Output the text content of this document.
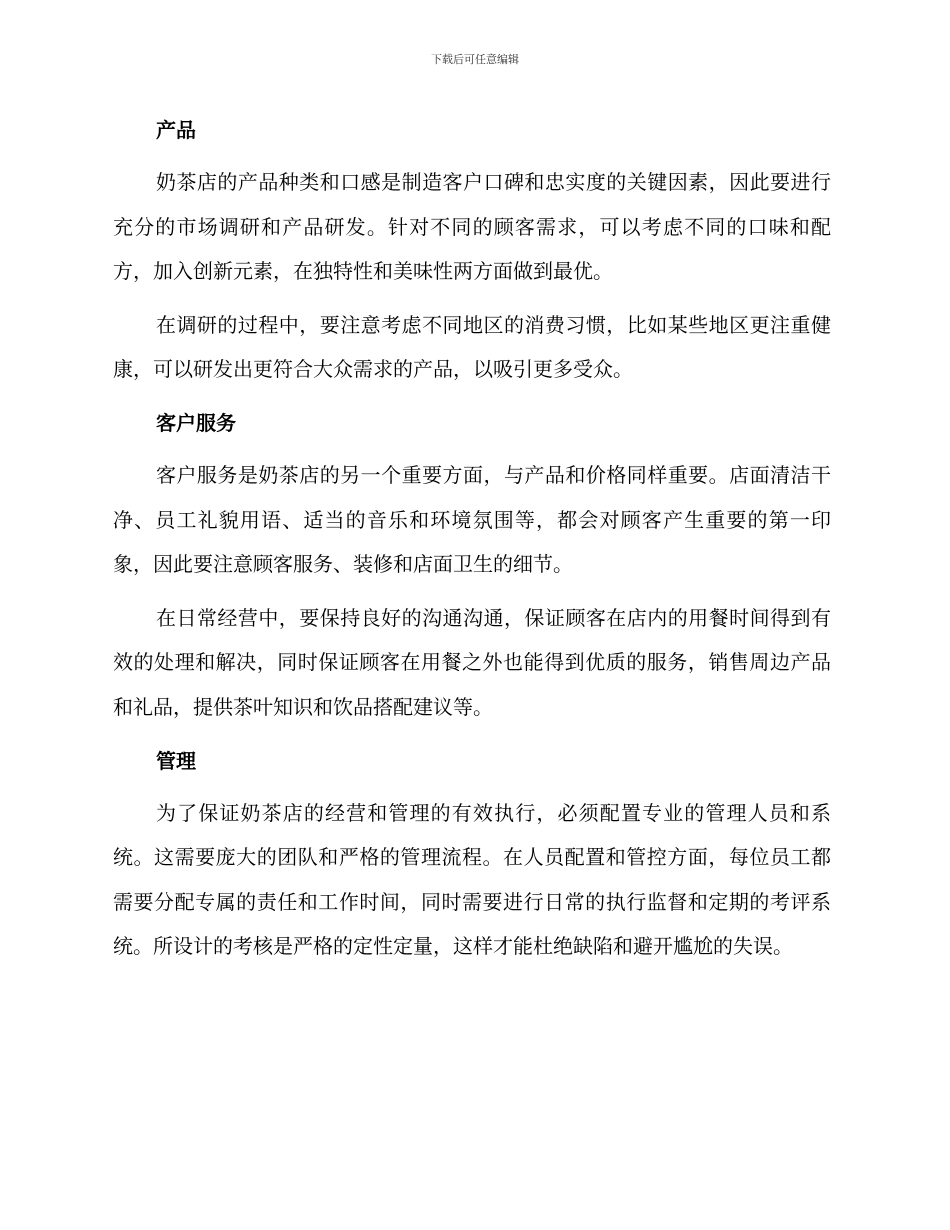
下载后可任意编辑
产品

奶茶店的产品种类和口感是制造客户口碑和忠实度的关键因素，因此要进行充分的市场调研和产品研发。针对不同的顾客需求，可以考虑不同的口味和配方，加入创新元素，在独特性和美味性两方面做到最优。

在调研的过程中，要注意考虑不同地区的消费习惯，比如某些地区更注重健康，可以研发出更符合大众需求的产品，以吸引更多受众。

客户服务

客户服务是奶茶店的另一个重要方面，与产品和价格同样重要。店面清洁干净、员工礼貌用语、适当的音乐和环境氛围等，都会对顾客产生重要的第一印象，因此要注意顾客服务、装修和店面卫生的细节。

在日常经营中，要保持良好的沟通沟通，保证顾客在店内的用餐时间得到有效的处理和解决，同时保证顾客在用餐之外也能得到优质的服务，销售周边产品和礼品，提供茶叶知识和饮品搭配建议等。

管理

为了保证奶茶店的经营和管理的有效执行，必须配置专业的管理人员和系统。这需要庞大的团队和严格的管理流程。在人员配置和管控方面，每位员工都需要分配专属的责任和工作时间，同时需要进行日常的执行监督和定期的考评系统。所设计的考核是严格的定性定量，这样才能杜绝缺陷和避开尴尬的失误。
